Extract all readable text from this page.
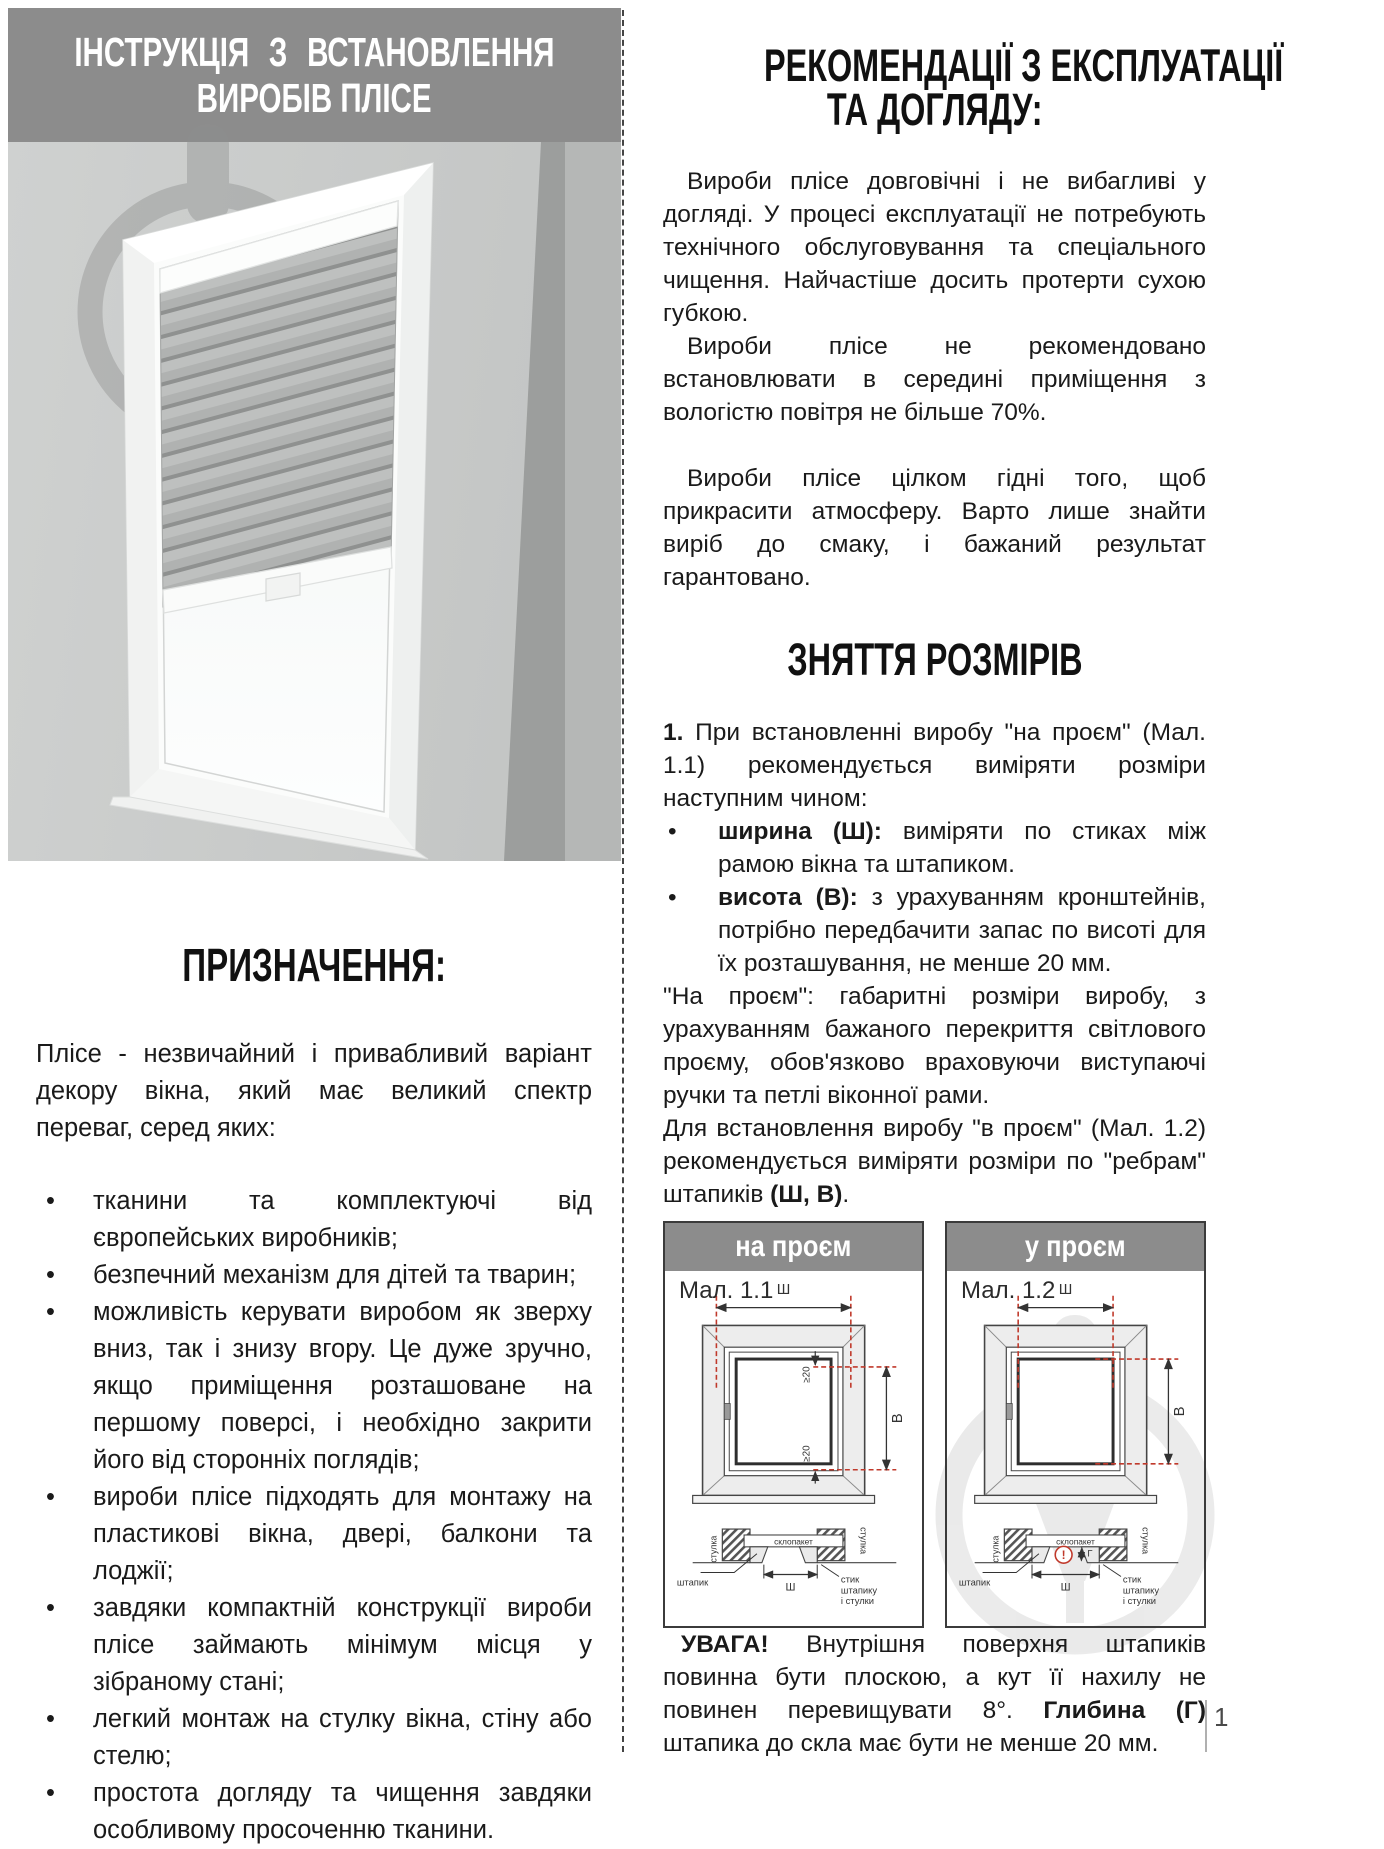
ІНСТРУКЦІЯ З ВСТАНОВЛЕННЯ
ВИРОБІВ ПЛІСЕ
ПРИЗНАЧЕННЯ:

Плісе - незвичайний і привабливий варіант декору вікна, який має великий спектр переваг, серед яких:

• тканини та комплектуючі від європейських виробників;
• безпечний механізм для дітей та тварин;
• можливість керувати виробом як зверху вниз, так і знизу вгору. Це дуже зручно, якщо приміщення розташоване на першому поверсі, і необхідно закрити його від сторонніх поглядів;
• вироби плісе підходять для монтажу на пластикові вікна, двері, балкони та лоджії;
• завдяки компактній конструкції вироби плісе займають мінімум місця у зібраному стані;
• легкий монтаж на стулку вікна, стіну або стелю;
• простота догляду та чищення завдяки особливому просоченню тканини.
РЕКОМЕНДАЦІЇ З ЕКСПЛУАТАЦІЇ
ТА ДОГЛЯДУ:

Вироби плісе довговічні і не вибагливі у догляді. У процесі експлуатації не потребують технічного обслуговування та спеціального чищення. Найчастіше досить протерти сухою губкою.

Вироби плісе не рекомендовано встановлювати в середині приміщення з вологістю повітря не більше 70%.

Вироби плісе цілком гідні того, щоб прикрасити атмосферу. Варто лише знайти виріб до смаку, і бажаний результат гарантовано.

ЗНЯТТЯ РОЗМІРІВ

1. При встановленні виробу "на проєм" (Мал. 1.1) рекомендується виміряти розміри наступним чином:

• ширина (Ш): виміряти по стиках між рамою вікна та штапиком.
• висота (В): з урахуванням кронштейнів, потрібно передбачити запас по висоті для їх розташування, не менше 20 мм.

"На проєм": габаритні розміри виробу, з урахуванням бажаного перекриття світлового проєму, обов'язково враховуючи виступаючі ручки та петлі віконної рами.

Для встановлення виробу "в проєм" (Мал. 1.2) рекомендується виміряти розміри по "ребрам" штапиків (Ш, В).

на проєм
Мал. 1.1 Ш
В
≥20
≥20
стулка	стулка
склопакет
Ш
штапик	стик
штапику
і стулки
у проєм
Мал. 1.2 Ш
В
стулка	стулка
склопакет
Ш
! Г
штапик	стик
штапику
і стулки

УВАГА! Внутрішня поверхня штапиків повинна бути плоскою, а кут її нахилу не повинен перевищувати 8°. Глибина (Г) штапика до скла має бути не менше 20 мм.

1
